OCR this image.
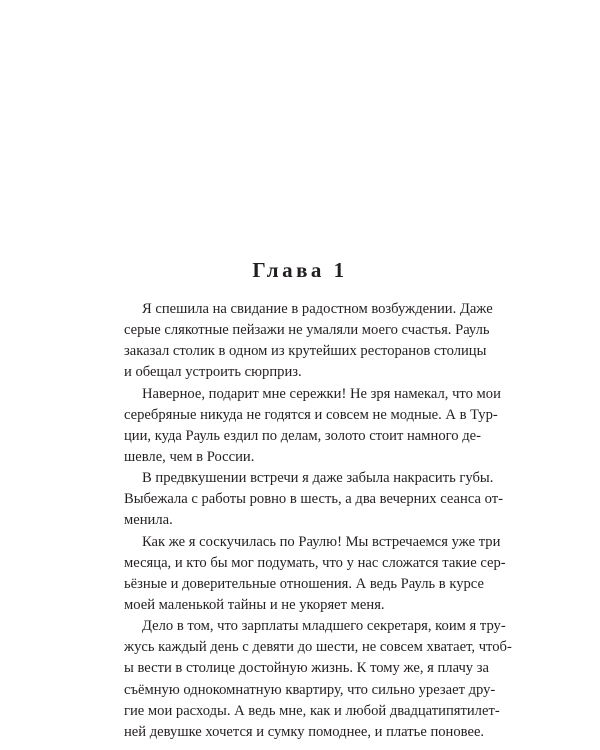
Глава 1
Я спешила на свидание в радостном возбуждении. Даже
серые слякотные пейзажи не умаляли моего счастья. Рауль
заказал столик в одном из крутейших ресторанов столицы
и обещал устроить сюрприз.
Наверное, подарит мне сережки! Не зря намекал, что мои
серебряные никуда не годятся и совсем не модные. А в Тур-
ции, куда Рауль ездил по делам, золото стоит намного де-
шевле, чем в России.
В предвкушении встречи я даже забыла накрасить губы.
Выбежала с работы ровно в шесть, а два вечерних сеанса от-
менила.
Как же я соскучилась по Раулю! Мы встречаемся уже три
месяца, и кто бы мог подумать, что у нас сложатся такие сер-
ьёзные и доверительные отношения. А ведь Рауль в курсе
моей маленькой тайны и не укоряет меня.
Дело в том, что зарплаты младшего секретаря, коим я тру-
жусь каждый день с девяти до шести, не совсем хватает, чтоб-
ы вести в столице достойную жизнь. К тому же, я плачу за
съёмную однокомнатную квартиру, что сильно урезает дру-
гие мои расходы. А ведь мне, как и любой двадцатипятилет-
ней девушке хочется и сумку помоднее, и платье поновее.
